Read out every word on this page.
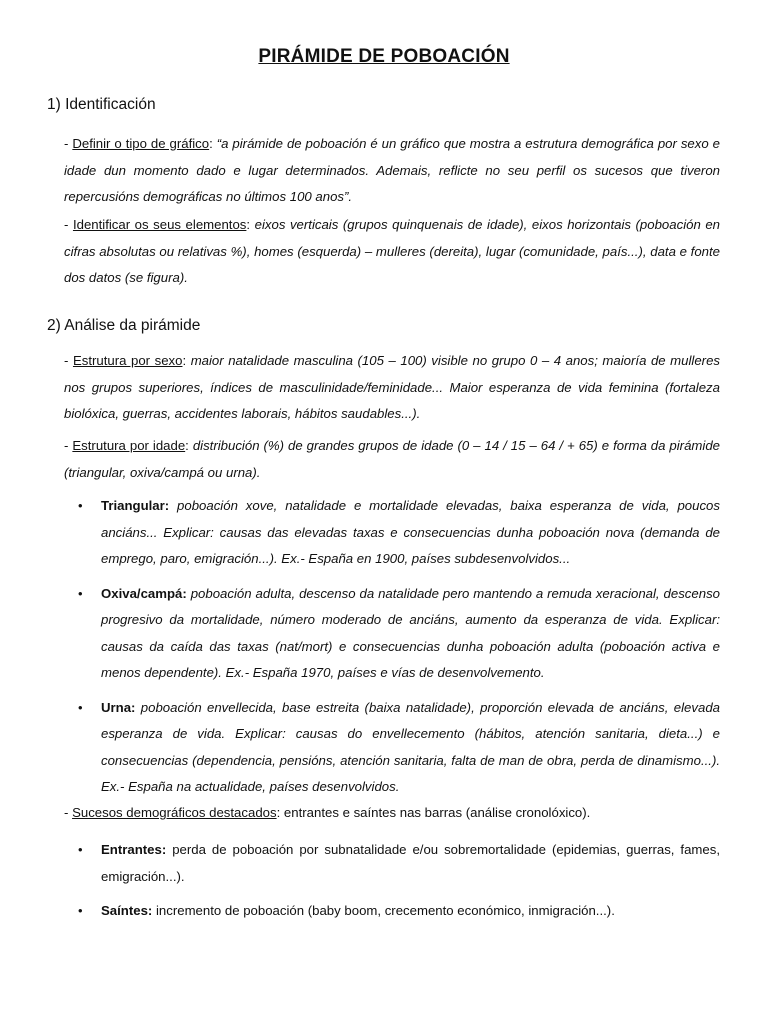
PIRÁMIDE DE POBOACIÓN
1) Identificación
- Definir o tipo de gráfico: “a pirámide de poboación é un gráfico que mostra a estrutura demográfica por sexo e idade dun momento dado e lugar determinados. Ademais, reflicte no seu perfil os sucesos que tiveron repercusións demográficas no últimos 100 anos”.
- Identificar os seus elementos: eixos verticais (grupos quinquenais de idade), eixos horizontais (poboación en cifras absolutas ou relativas %), homes (esquerda) – mulleres (dereita), lugar (comunidade, país...), data e fonte dos datos (se figura).
2) Análise da pirámide
- Estrutura por sexo: maior natalidade masculina (105 – 100) visible no grupo 0 – 4 anos; maioría de mulleres nos grupos superiores, índices de masculinidade/feminidade... Maior esperanza de vida feminina (fortaleza biolóxica, guerras, accidentes laborais, hábitos saudables...).
- Estrutura por idade: distribución (%) de grandes grupos de idade (0 – 14 / 15 – 64 / + 65) e forma da pirámide (triangular, oxiva/campá ou urna).
• Triangular: poboación xove, natalidade e mortalidade elevadas, baixa esperanza de vida, poucos anciáns... Explicar: causas das elevadas taxas e consecuencias dunha poboación nova (demanda de emprego, paro, emigración...). Ex.- España en 1900, países subdesenvolvidos...
• Oxiva/campá: poboación adulta, descenso da natalidade pero mantendo a remuda xeracional, descenso progresivo da mortalidade, número moderado de anciáns, aumento da esperanza de vida. Explicar: causas da caída das taxas (nat/mort) e consecuencias dunha poboación adulta (poboación activa e menos dependente). Ex.- España 1970, países e vías de desenvolvemento.
• Urna: poboación envellecida, base estreita (baixa natalidade), proporción elevada de anciáns, elevada esperanza de vida. Explicar: causas do envellecemento (hábitos, atención sanitaria, dieta...) e consecuencias (dependencia, pensións, atención sanitaria, falta de man de obra, perda de dinamismo...). Ex.- España na actualidade, países desenvolvidos.
- Sucesos demográficos destacados: entrantes e saíntes nas barras (análise cronolóxico).
• Entrantes: perda de poboación por subnatalidade e/ou sobremortalidade (epidemias, guerras, fames, emigración...).
• Saíntes: incremento de poboación (baby boom, crecemento económico, inmigración...).
